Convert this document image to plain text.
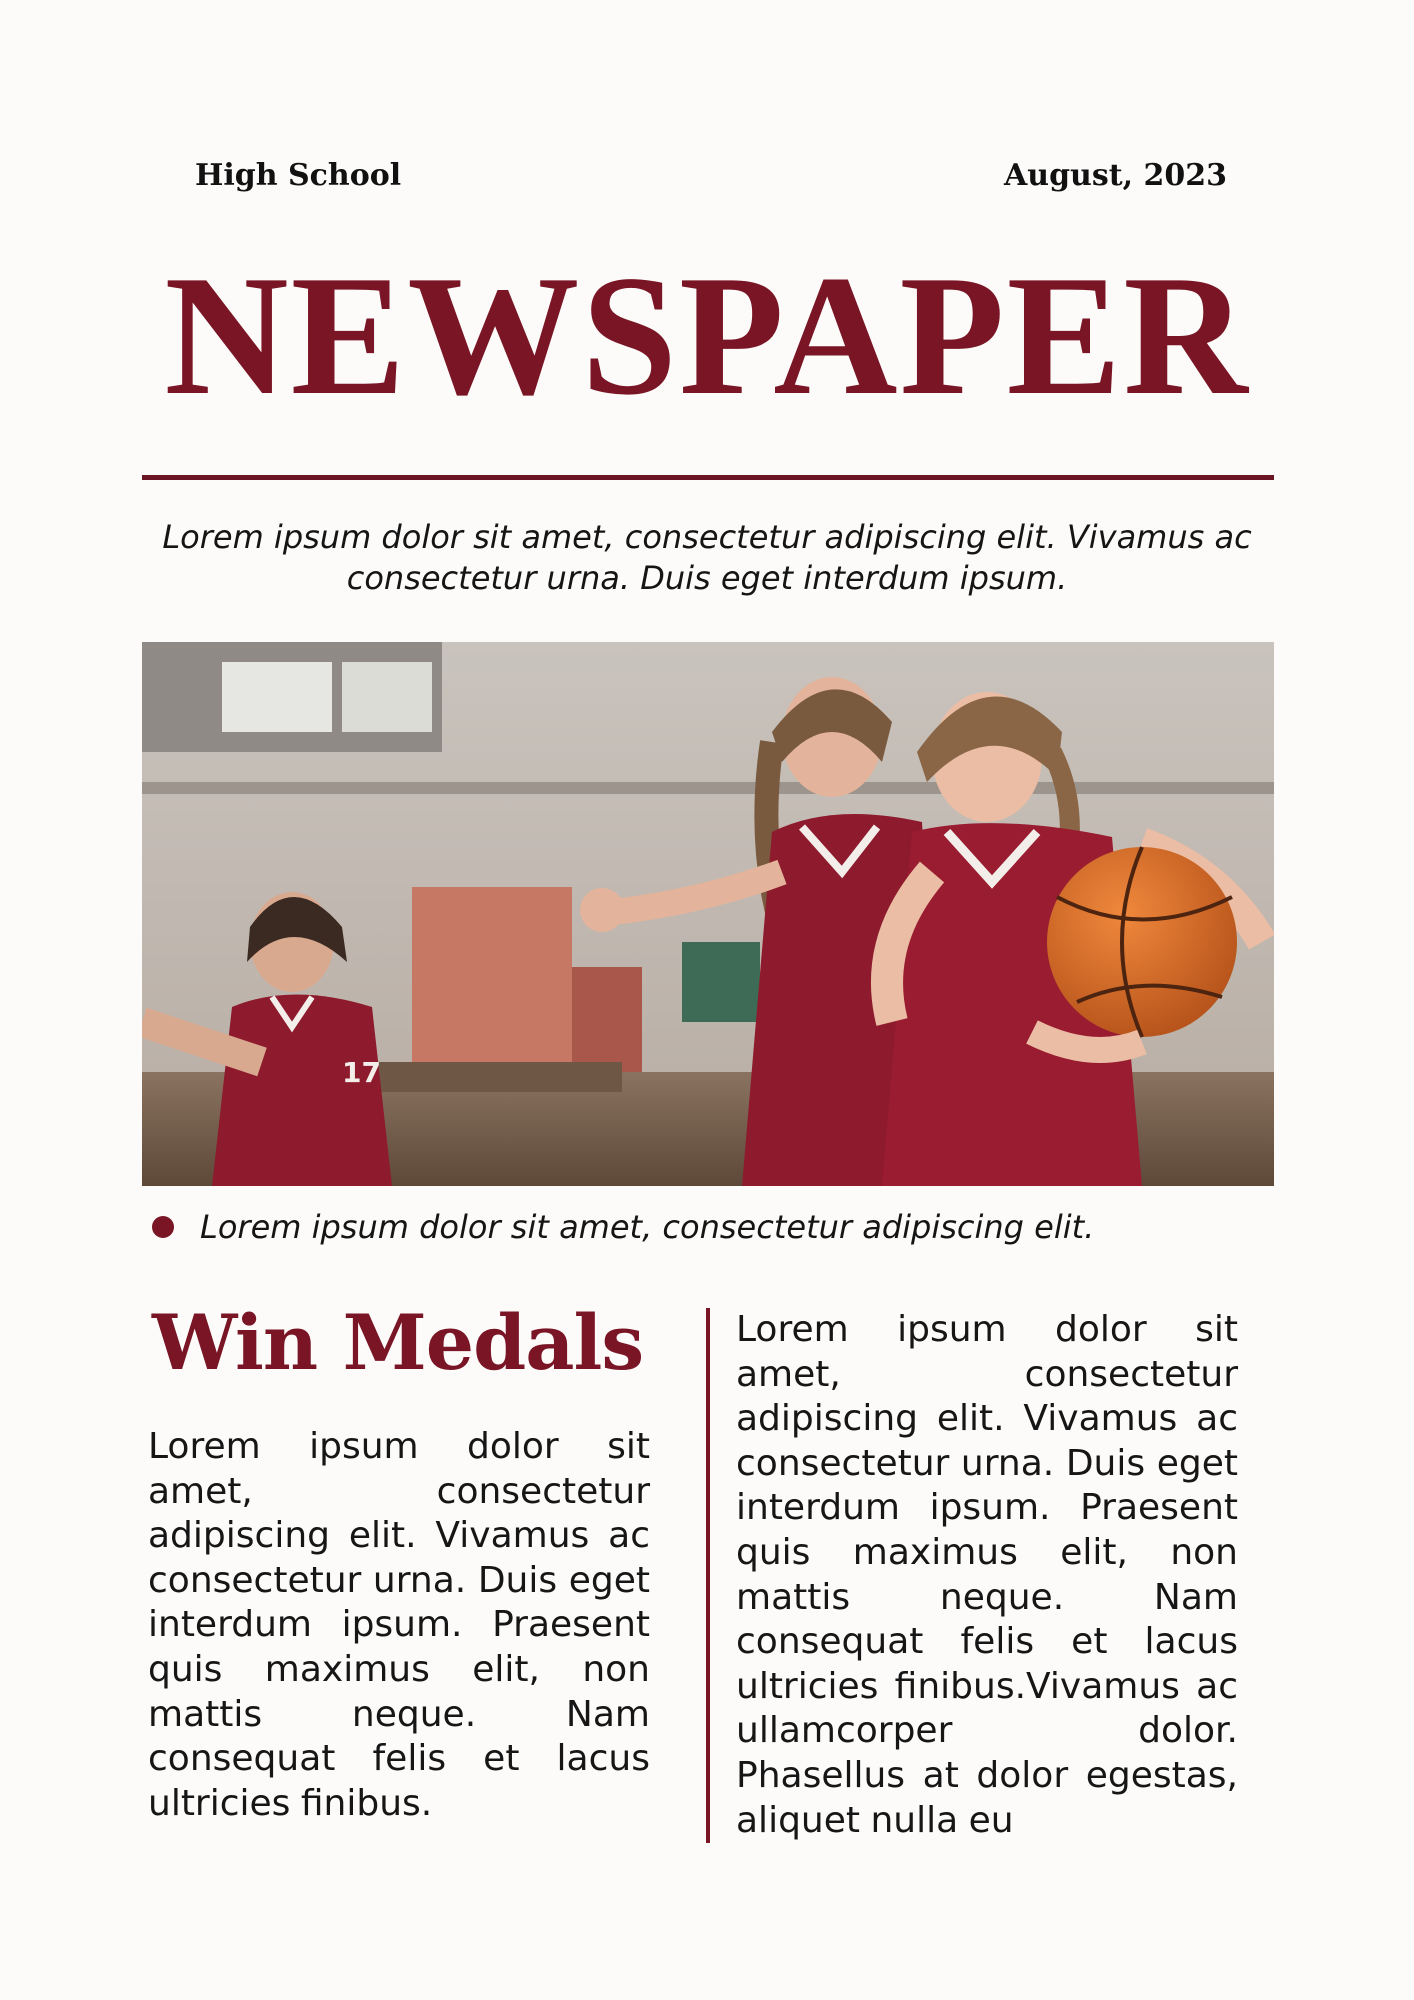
High School	August, 2023
NEWSPAPER
Lorem ipsum dolor sit amet, consectetur adipiscing elit. Vivamus ac consectetur urna. Duis eget interdum ipsum.
17
Lorem ipsum dolor sit amet, consectetur adipiscing elit.
Win Medals
Lorem ipsum dolor sit amet, consectetur adipiscing elit. Vivamus ac consectetur urna. Duis eget interdum ipsum. Praesent quis maximus elit, non mattis neque. Nam consequat felis et lacus ultricies finibus.
Lorem ipsum dolor sit amet, consectetur adipiscing elit. Vivamus ac consectetur urna. Duis eget interdum ipsum. Praesent quis maximus elit, non mattis neque. Nam consequat felis et lacus ultricies finibus.Vivamus ac ullamcorper dolor. Phasellus at dolor egestas, aliquet nulla eu
